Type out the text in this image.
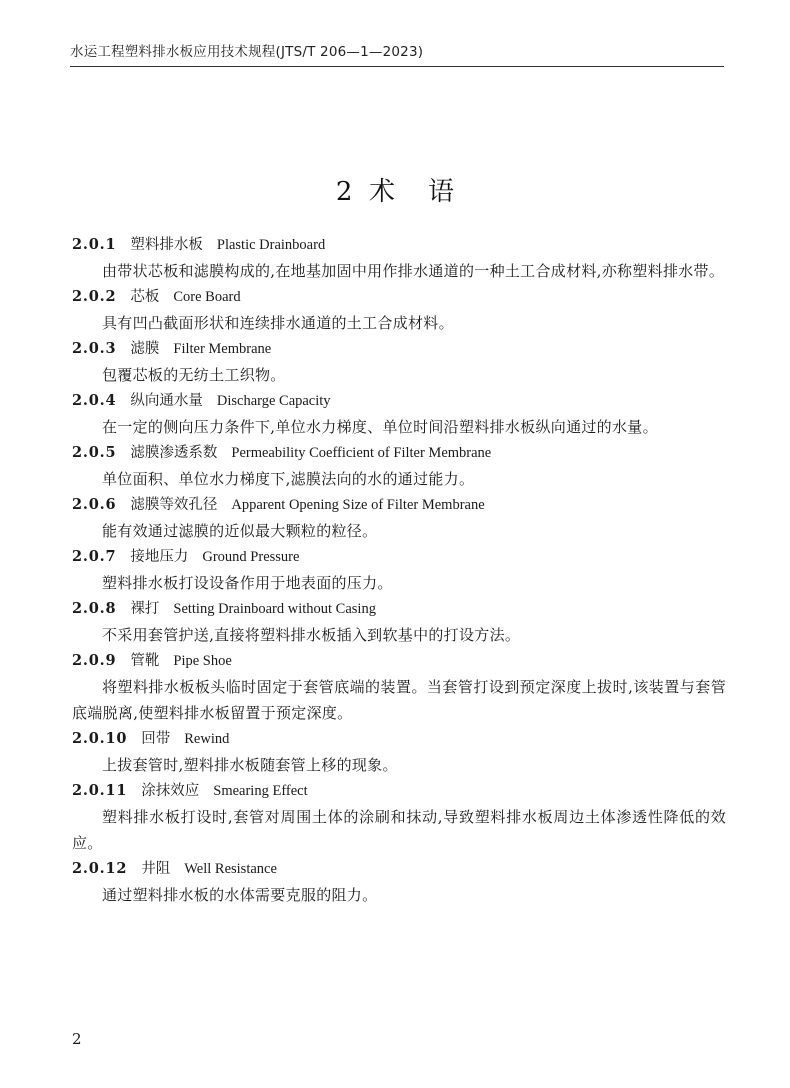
水运工程塑料排水板应用技术规程(JTS/T 206—1—2023)
2  术    语
2.0.1 塑料排水板 Plastic Drainboard

由带状芯板和滤膜构成的,在地基加固中用作排水通道的一种土工合成材料,亦称塑料排水带。

2.0.2 芯板 Core Board

具有凹凸截面形状和连续排水通道的土工合成材料。

2.0.3 滤膜 Filter Membrane

包覆芯板的无纺土工织物。

2.0.4 纵向通水量 Discharge Capacity

在一定的侧向压力条件下,单位水力梯度、单位时间沿塑料排水板纵向通过的水量。

2.0.5 滤膜渗透系数 Permeability Coefficient of Filter Membrane

单位面积、单位水力梯度下,滤膜法向的水的通过能力。

2.0.6 滤膜等效孔径 Apparent Opening Size of Filter Membrane

能有效通过滤膜的近似最大颗粒的粒径。

2.0.7 接地压力 Ground Pressure

塑料排水板打设设备作用于地表面的压力。

2.0.8 裸打 Setting Drainboard without Casing

不采用套管护送,直接将塑料排水板插入到软基中的打设方法。

2.0.9 管靴 Pipe Shoe

将塑料排水板板头临时固定于套管底端的装置。当套管打设到预定深度上拔时,该装置与套管底端脱离,使塑料排水板留置于预定深度。

2.0.10 回带 Rewind

上拔套管时,塑料排水板随套管上移的现象。

2.0.11 涂抹效应 Smearing Effect

塑料排水板打设时,套管对周围土体的涂刷和抹动,导致塑料排水板周边土体渗透性降低的效应。

2.0.12 井阻 Well Resistance

通过塑料排水板的水体需要克服的阻力。

2
